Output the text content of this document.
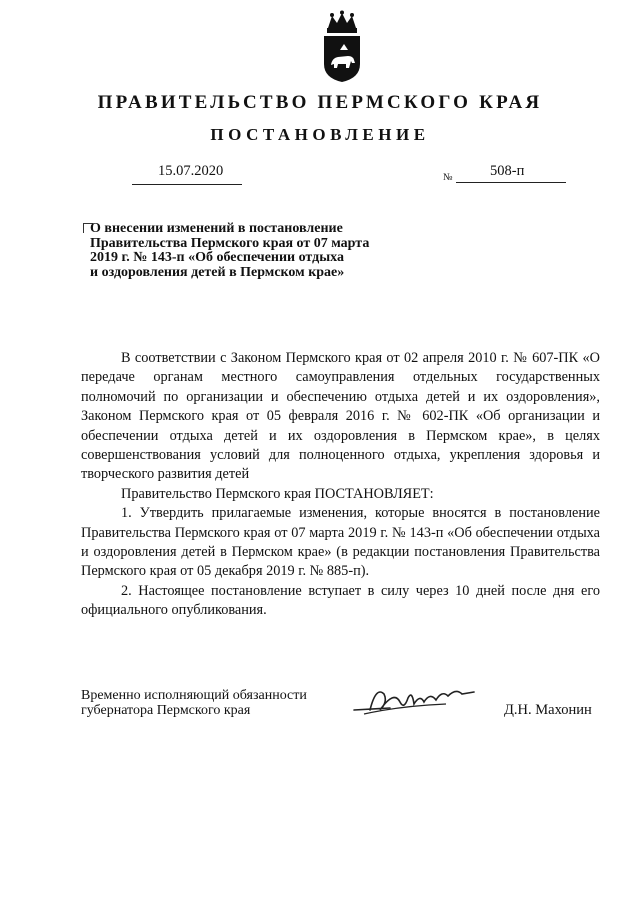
ПРАВИТЕЛЬСТВО ПЕРМСКОГО КРАЯ
ПОСТАНОВЛЕНИЕ
15.07.2020	№	508-п
О внесении изменений в постановление
Правительства Пермского края от 07 марта
2019 г. № 143-п «Об обеспечении отдыха
и оздоровления детей в Пермском крае»

В соответствии с Законом Пермского края от 02 апреля 2010 г. № 607-ПК «О передаче органам местного самоуправления отдельных государственных полномочий по организации и обеспечению отдыха детей и их оздоровления», Законом Пермского края от 05 февраля 2016 г. № 602-ПК «Об организации и обеспечении отдыха детей и их оздоровления в Пермском крае», в целях совершенствования условий для полноценного отдыха, укрепления здоровья и творческого развития детей

Правительство Пермского края ПОСТАНОВЛЯЕТ:

1. Утвердить прилагаемые изменения, которые вносятся в постановление Правительства Пермского края от 07 марта 2019 г. № 143-п «Об обеспечении отдыха и оздоровления детей в Пермском крае» (в редакции постановления Правительства Пермского края от 05 декабря 2019 г. № 885-п).

2. Настоящее постановление вступает в силу через 10 дней после дня его официального опубликования.

Временно исполняющий обязанности
губернатора Пермского края	Д.Н. Махонин
